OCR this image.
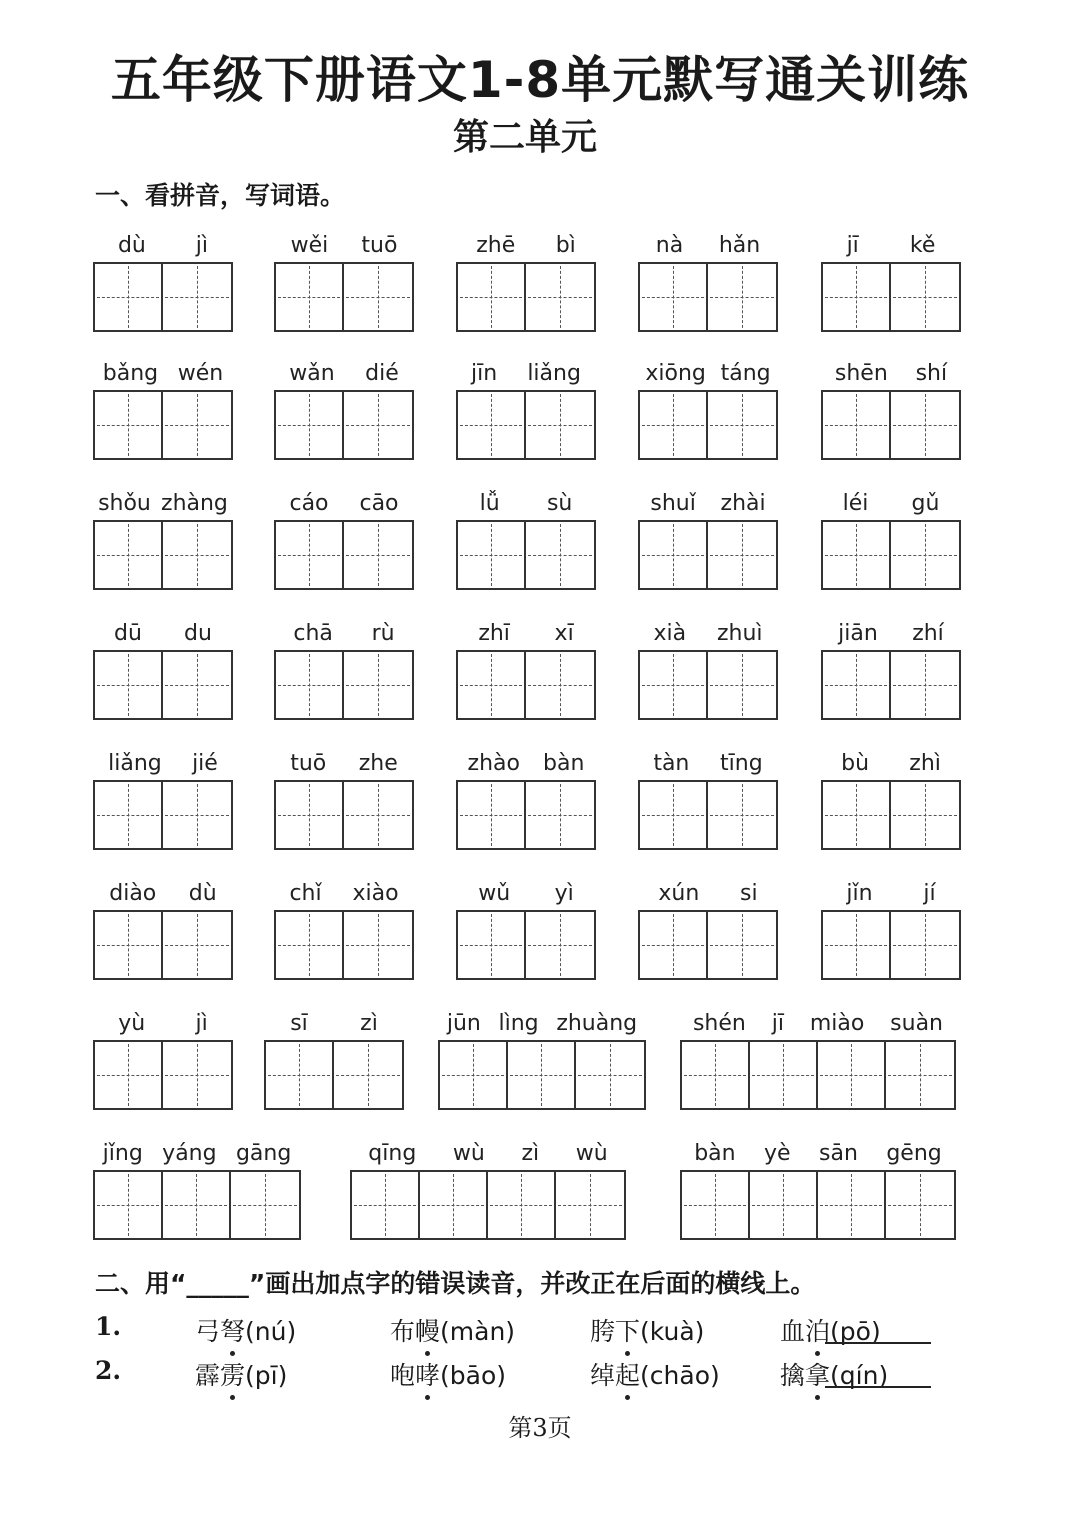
五年级下册语文1-8单元默写通关训练
第二单元
一、看拼音，写词语。
dù jì	wěi tuō	zhē bì	nà hǎn	jī kě
bǎng wén	wǎn dié	jīn liǎng	xiōng táng	shēn shí
shǒu zhàng	cáo cāo	lǚ sù	shuǐ zhài	léi gǔ
dū du	chā rù	zhī xī	xià zhuì	jiān zhí
liǎng jié	tuō zhe	zhào bàn	tàn tīng	bù zhì
diào dù	chǐ xiào	wǔ yì	xún si	jǐn jí
yù jì	sī zì	jūn lìng zhuàng	shén jī miào suàn
jǐng yáng gāng	qīng wù zì wù	bàn yè sān gēng
二、用“_____”画出加点字的错误读音，并改正在后面的横线上。
1.	弓弩(nú)	布幔(màn)	胯下(kuà)	血泊(pō)
2.	霹雳(pī)	咆哮(bāo)	绰起(chāo) 擒拿(qín)
第3页
